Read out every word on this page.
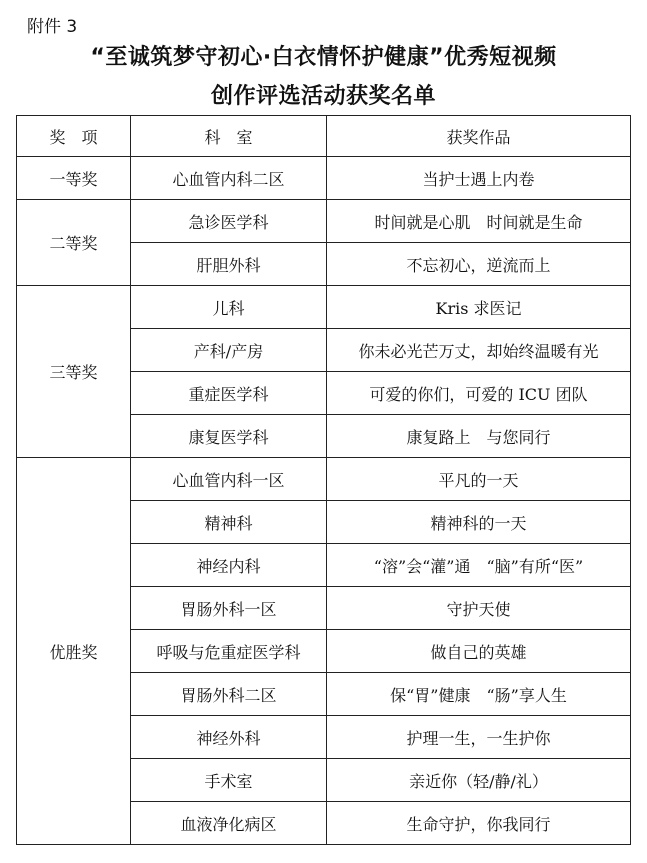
附件 3
“至诚筑梦守初心·白衣情怀护健康”优秀短视频
创作评选活动获奖名单
奖　项	科　室	获奖作品
一等奖	心血管内科二区	当护士遇上内卷
二等奖	急诊医学科	时间就是心肌　时间就是生命
	肝胆外科	不忘初心，逆流而上
三等奖	儿科	Kris 求医记
	产科/产房	你未必光芒万丈，却始终温暖有光
	重症医学科	可爱的你们，可爱的 ICU 团队
	康复医学科	康复路上　与您同行
优胜奖	心血管内科一区	平凡的一天
	精神科	精神科的一天
	神经内科	“溶”会“灌”通　“脑”有所“医”
	胃肠外科一区	守护天使
	呼吸与危重症医学科	做自己的英雄
	胃肠外科二区	保“胃”健康　“肠”享人生
	神经外科	护理一生，一生护你
	手术室	亲近你（轻/静/礼）
	血液净化病区	生命守护，你我同行
